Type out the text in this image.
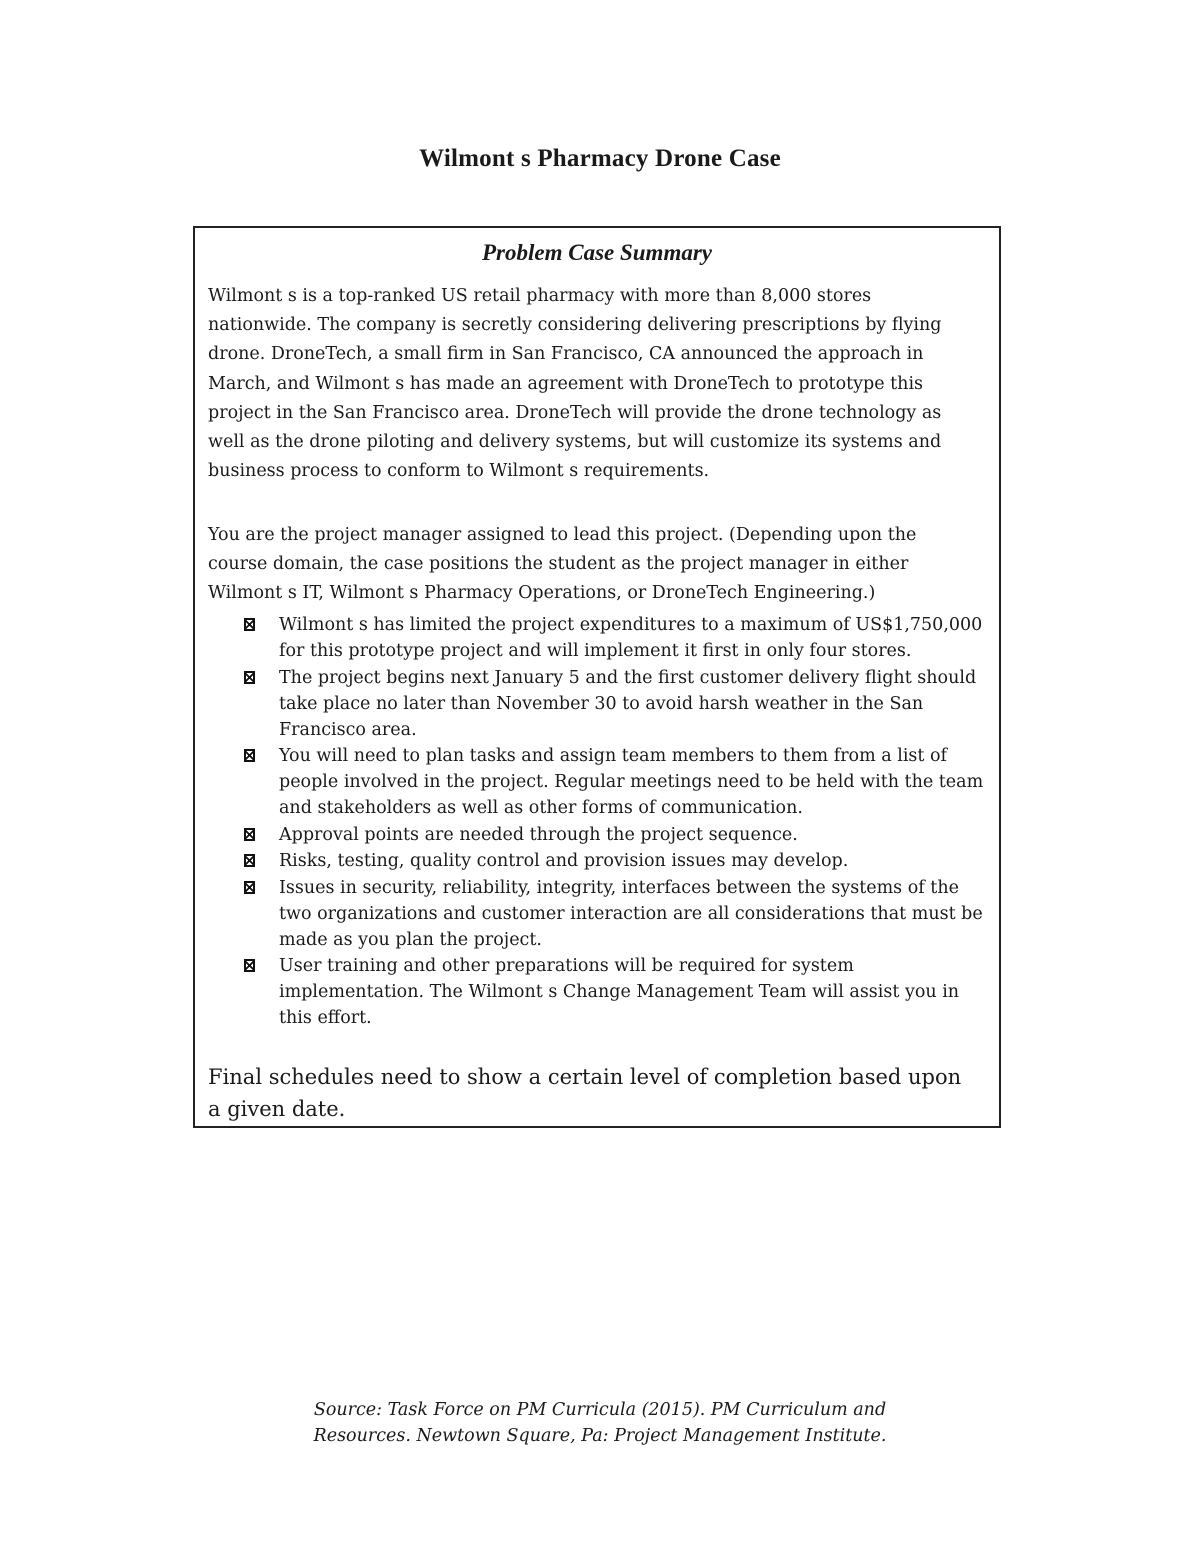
Wilmont s Pharmacy Drone Case
Problem Case Summary

Wilmont s is a top-ranked US retail pharmacy with more than 8,000 stores nationwide. The company is secretly considering delivering prescriptions by flying drone. DroneTech, a small firm in San Francisco, CA announced the approach in March, and Wilmont s has made an agreement with DroneTech to prototype this project in the San Francisco area. DroneTech will provide the drone technology as well as the drone piloting and delivery systems, but will customize its systems and business process to conform to Wilmont s requirements.

You are the project manager assigned to lead this project. (Depending upon the course domain, the case positions the student as the project manager in either Wilmont s IT, Wilmont s Pharmacy Operations, or DroneTech Engineering.)

Wilmont s has limited the project expenditures to a maximum of US$1,750,000 for this prototype project and will implement it first in only four stores.
The project begins next January 5 and the first customer delivery flight should take place no later than November 30 to avoid harsh weather in the San Francisco area.
You will need to plan tasks and assign team members to them from a list of people involved in the project. Regular meetings need to be held with the team and stakeholders as well as other forms of communication.
Approval points are needed through the project sequence.
Risks, testing, quality control and provision issues may develop.
Issues in security, reliability, integrity, interfaces between the systems of the two organizations and customer interaction are all considerations that must be made as you plan the project.
User training and other preparations will be required for system implementation. The Wilmont s Change Management Team will assist you in this effort.

Final schedules need to show a certain level of completion based upon a given date.

Source: Task Force on PM Curricula (2015). PM Curriculum and
Resources. Newtown Square, Pa: Project Management Institute.
